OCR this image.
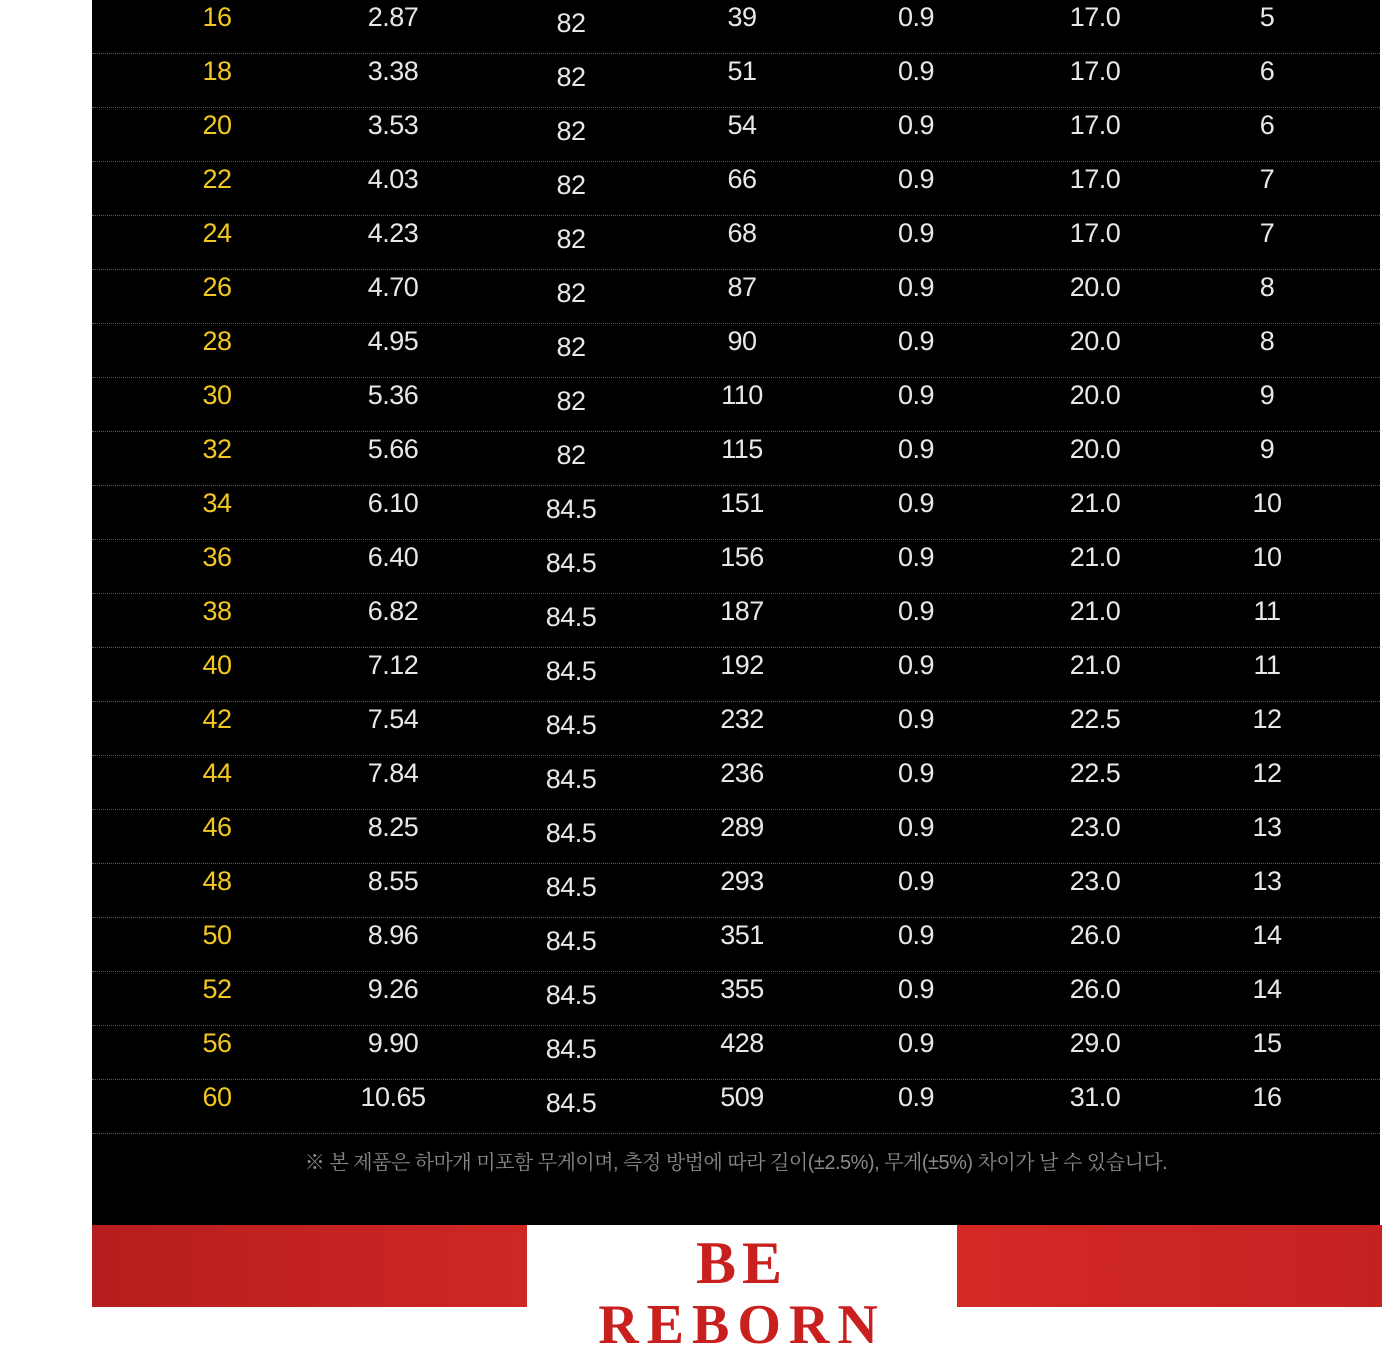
16	2.87	82	39	0.9	17.0	5
18	3.38	82	51	0.9	17.0	6
20	3.53	82	54	0.9	17.0	6
22	4.03	82	66	0.9	17.0	7
24	4.23	82	68	0.9	17.0	7
26	4.70	82	87	0.9	20.0	8
28	4.95	82	90	0.9	20.0	8
30	5.36	82	110	0.9	20.0	9
32	5.66	82	115	0.9	20.0	9
34	6.10	84.5	151	0.9	21.0	10
36	6.40	84.5	156	0.9	21.0	10
38	6.82	84.5	187	0.9	21.0	11
40	7.12	84.5	192	0.9	21.0	11
42	7.54	84.5	232	0.9	22.5	12
44	7.84	84.5	236	0.9	22.5	12
46	8.25	84.5	289	0.9	23.0	13
48	8.55	84.5	293	0.9	23.0	13
50	8.96	84.5	351	0.9	26.0	14
52	9.26	84.5	355	0.9	26.0	14
56	9.90	84.5	428	0.9	29.0	15
60	10.65	84.5	509	0.9	31.0	16
※ 본 제품은 하마개 미포함 무게이며, 측정 방법에 따라 길이(±2.5%), 무게(±5%) 차이가 날 수 있습니다.
BE
REBORN
